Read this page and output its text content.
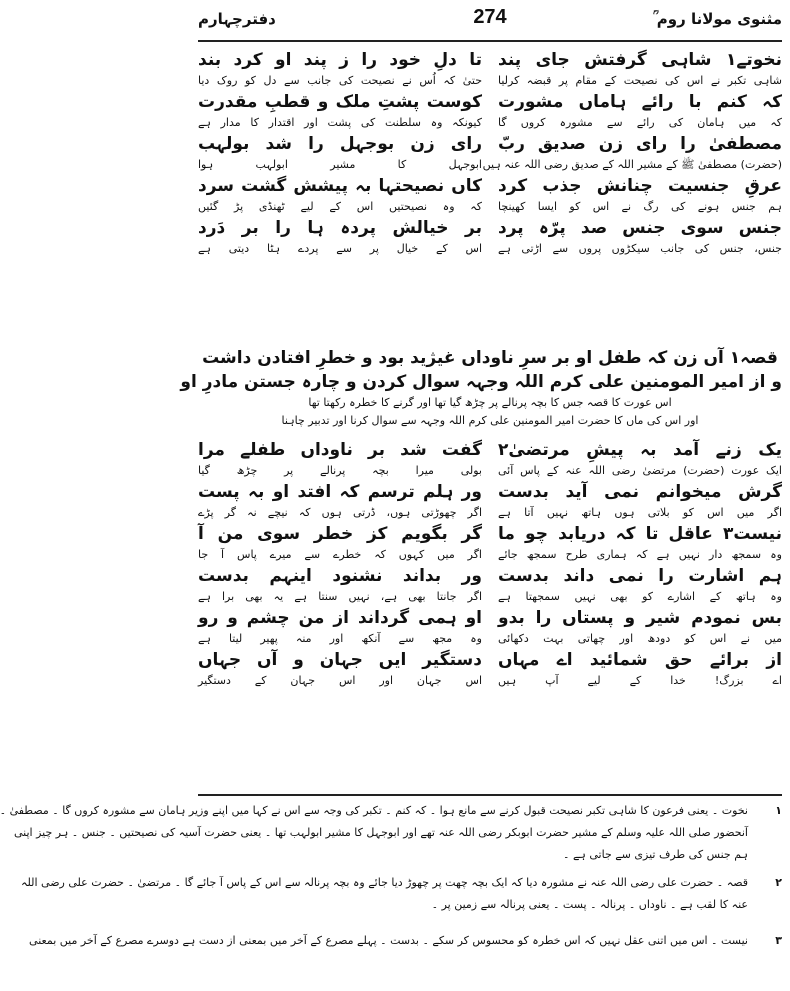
مثنوی مولانا روم ؒ
274
دفترچہارم
نخوتے۱ شاہی گرفتش جای پند
شاہی تکبر نے اس کی نصیحت کے مقام پر قبضہ کرلیا
کہ کنم با رائے ہاماں مشورت
کہ میں ہامان کی رائے سے مشورہ کروں گا
مصطفیٰ را رای زن صدیق ربّ
(حضرت) مصطفیٰ ﷺ کے مشیر اللہ کے صدیق رضی اللہ عنہ ہیں
عرقِ جنسیت چنانش جذب کرد
ہم جنس ہونے کی رگ نے اس کو ایسا کھینچا
جنس سوی جنس صد پرّہ پرد
جنس، جنس کی جانب سیکڑوں پروں سے اڑتی ہے
تا دلِ خود را ز پند او کرد بند
حتیٰ کہ اُس نے نصیحت کی جانب سے دل کو روک دیا
کوست پشتِ ملک و قطبِ مقدرت
کیونکہ وہ سلطنت کی پشت اور اقتدار کا مدار ہے
رای زن بوجہل را شد بولہب
ابوجہل کا مشیر ابولہب ہوا
کاں نصیحتہا بہ پیشش گشت سرد
کہ وہ نصیحتیں اس کے لیے ٹھنڈی پڑ گئیں
بر خیالش پردہ ہا را بر دَرد
اس کے خیال پر سے پردے ہٹا دیتی ہے
قصہ۱ آں زن کہ طفل او بر سرِ ناوداں غیژید بود و خطرِ افتادن داشت
و از امیر المومنین علی کرم اللہ وجہہ سوال کردن و چارہ جستن مادرِ او
اس عورت کا قصہ جس کا بچہ پرنالے پر چڑھ گیا تھا اور گرنے کا خطرہ رکھتا تھا
اور اس کی ماں کا حضرت امیر المومنین علی کرم اللہ وجہہ سے سوال کرنا اور تدبیر چاہنا
یک زنے آمد بہ پیشِ مرتضیٰ۲
ایک عورت (حضرت) مرتضیٰ رضی اللہ عنہ کے پاس آئی
گرش میخوانم نمی آید بدست
اگر میں اس کو بلاتی ہوں ہاتھ نہیں آتا ہے
نیست۳ عاقل تا کہ دریابد چو ما
وہ سمجھ دار نہیں ہے کہ ہماری طرح سمجھ جائے
ہم اشارت را نمی داند بدست
وہ ہاتھ کے اشارے کو بھی نہیں سمجھتا ہے
بس نمودم شیر و پستاں را بدو
میں نے اس کو دودھ اور چھاتی بہت دکھائی
از برائے حق شمائید اے مہاں
اے بزرگ! خدا کے لیے آپ ہیں
گفت شد بر ناوداں طفلے مرا
بولی میرا بچہ پرنالے پر چڑھ گیا
ور ہلم ترسم کہ افتد او بہ پست
اگر چھوڑتی ہوں، ڈرتی ہوں کہ نیچے نہ گر پڑے
گر بگویم کز خطر سوی من آ
اگر میں کہوں کہ خطرے سے میرے پاس آ جا
ور بداند نشنود اینہم بدست
اگر جانتا بھی ہے، نہیں سنتا ہے یہ بھی برا ہے
او ہمی گرداند از من چشم و رو
وہ مجھ سے آنکھ اور منہ پھیر لیتا ہے
دستگیر ایں جہان و آں جہاں
اس جہان اور اس جہان کے دستگیر
۱
نخوت ۔ یعنی فرعون کا شاہی تکبر نصیحت قبول کرنے سے مانع ہوا ۔ کہ کنم ۔ تکبر کی وجہ سے اس نے کہا میں اپنے وزیر ہامان سے مشورہ کروں گا ۔ مصطفیٰ ۔
آنحضور صلی اللہ علیہ وسلم کے مشیر حضرت ابوبکر رضی اللہ عنہ تھے اور ابوجہل کا مشیر ابولہب تھا ۔ یعنی حضرت آسیہ کی نصیحتیں ۔ جنس ۔ ہر چیز اپنی
ہم جنس کی طرف تیزی سے جاتی ہے ۔
۲
قصہ ۔ حضرت علی رضی اللہ عنہ نے مشورہ دیا کہ ایک بچہ چھت پر چھوڑ دیا جائے وہ بچہ پرنالہ سے اس کے پاس آ جائے گا ۔ مرتضیٰ ۔ حضرت علی رضی اللہ
عنہ کا لقب ہے ۔ ناوداں ۔ پرنالہ ۔ پست ۔ یعنی پرنالہ سے زمین پر ۔
۳
نیست ۔ اس میں اتنی عقل نہیں کہ اس خطرہ کو محسوس کر سکے ۔ بدست ۔ پہلے مصرع کے آخر میں بمعنی از دست ہے دوسرے مصرع کے آخر میں بمعنی
